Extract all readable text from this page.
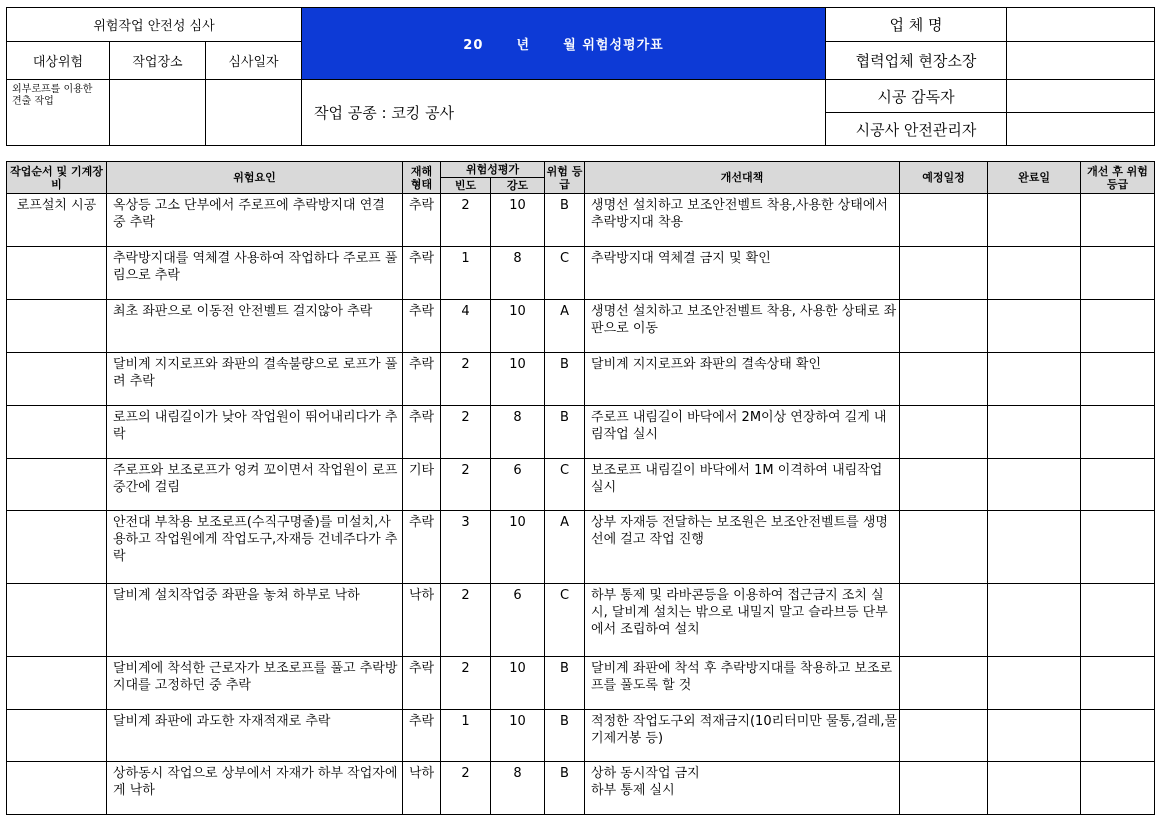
위험작업 안전성 심사			20 년 월 위험성평가표	업 체 명	
대상위험	작업장소	심사일자		협력업체 현장소장	
외부로프를 이용한 견출 작업			작업 공종 : 코킹 공사	시공 감독자	
				시공사 안전관리자	
작업순서 및 기계장비	위험요인	재해 형태	위험성평가		위험 등급	개선대책	예정일정	완료일	개선 후 위험등급
			빈도	강도					
로프설치 시공	옥상등 고소 단부에서 주로프에 추락방지대 연결 중 추락	추락	2	10	B	생명선 설치하고 보조안전벨트 착용,사용한 상태에서 추락방지대 착용			
	추락방지대를 역체결 사용하여 작업하다 주로프 풀림으로 추락	추락	1	8	C	추락방지대 역체결 금지 및 확인			
	최초 좌판으로 이동전 안전벨트 걸지않아 추락	추락	4	10	A	생명선 설치하고 보조안전벨트 착용, 사용한 상태로 좌판으로 이동			
	달비계 지지로프와 좌판의 결속불량으로 로프가 풀려 추락	추락	2	10	B	달비계 지지로프와 좌판의 결속상태 확인			
	로프의 내림길이가 낮아 작업원이 뛰어내리다가 추락	추락	2	8	B	주로프 내림길이 바닥에서 2M이상 연장하여 길게 내림작업 실시			
	주로프와 보조로프가 엉켜 꼬이면서 작업원이 로프 중간에 걸림	기타	2	6	C	보조로프 내림길이 바닥에서 1M 이격하여 내림작업 실시			
	안전대 부착용 보조로프(수직구명줄)를 미설치,사용하고 작업원에게 작업도구,자재등 건네주다가 추락	추락	3	10	A	상부 자재등 전달하는 보조원은 보조안전벨트를 생명선에 걸고 작업 진행			
	달비계 설치작업중 좌판을 놓쳐 하부로 낙하	낙하	2	6	C	하부 통제 및 라바콘등을 이용하여 접근금지 조치 실시, 달비계 설치는 밖으로 내밀지 말고 슬라브등 단부에서 조립하여 설치			
	달비계에 착석한 근로자가 보조로프를 풀고 추락방지대를 고정하던 중 추락	추락	2	10	B	달비계 좌판에 착석 후 추락방지대를 착용하고 보조로프를 풀도록 할 것			
	달비계 좌판에 과도한 자재적재로 추락	추락	1	10	B	적정한 작업도구외 적재금지(10리터미만 물통,걸레,물기제거봉 등)			
	상하동시 작업으로 상부에서 자재가 하부 작업자에게 낙하	낙하	2	8	B	상하 동시작업 금지
하부 통제 실시			
